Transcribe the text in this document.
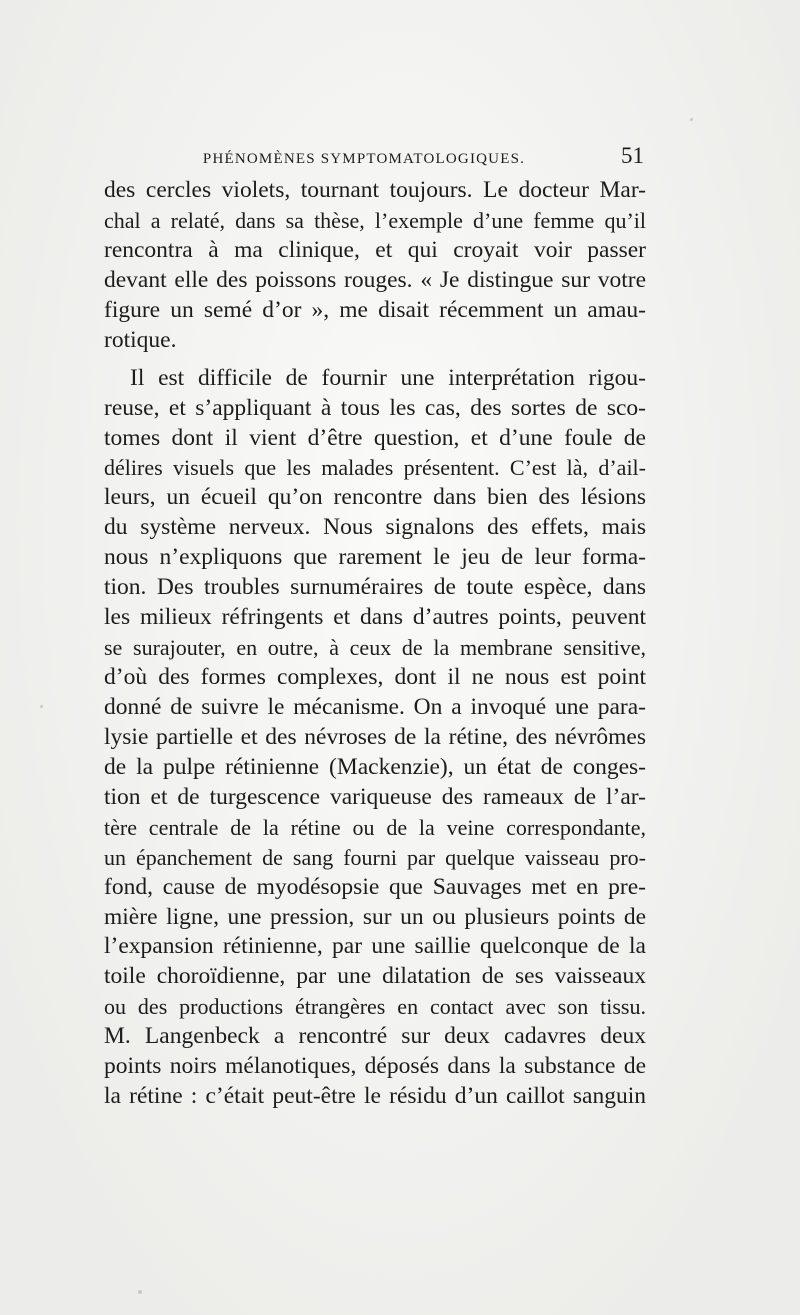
PHÉNOMÈNES SYMPTOMATOLOGIQUES.	51
des cercles violets, tournant toujours. Le docteur Mar-
chal a relaté, dans sa thèse, l’exemple d’une femme qu’il
rencontra à ma clinique, et qui croyait voir passer
devant elle des poissons rouges. « Je distingue sur votre
figure un semé d’or », me disait récemment un amau-
rotique.
Il est difficile de fournir une interprétation rigou-
reuse, et s’appliquant à tous les cas, des sortes de sco-
tomes dont il vient d’être question, et d’une foule de
délires visuels que les malades présentent. C’est là, d’ail-
leurs, un écueil qu’on rencontre dans bien des lésions
du système nerveux. Nous signalons des effets, mais
nous n’expliquons que rarement le jeu de leur forma-
tion. Des troubles surnuméraires de toute espèce, dans
les milieux réfringents et dans d’autres points, peuvent
se surajouter, en outre, à ceux de la membrane sensitive,
d’où des formes complexes, dont il ne nous est point
donné de suivre le mécanisme. On a invoqué une para-
lysie partielle et des névroses de la rétine, des névrômes
de la pulpe rétinienne (Mackenzie), un état de conges-
tion et de turgescence variqueuse des rameaux de l’ar-
tère centrale de la rétine ou de la veine correspondante,
un épanchement de sang fourni par quelque vaisseau pro-
fond, cause de myodésopsie que Sauvages met en pre-
mière ligne, une pression, sur un ou plusieurs points de
l’expansion rétinienne, par une saillie quelconque de la
toile choroïdienne, par une dilatation de ses vaisseaux
ou des productions étrangères en contact avec son tissu.
M. Langenbeck a rencontré sur deux cadavres deux
points noirs mélanotiques, déposés dans la substance de
la rétine : c’était peut-être le résidu d’un caillot sanguin
